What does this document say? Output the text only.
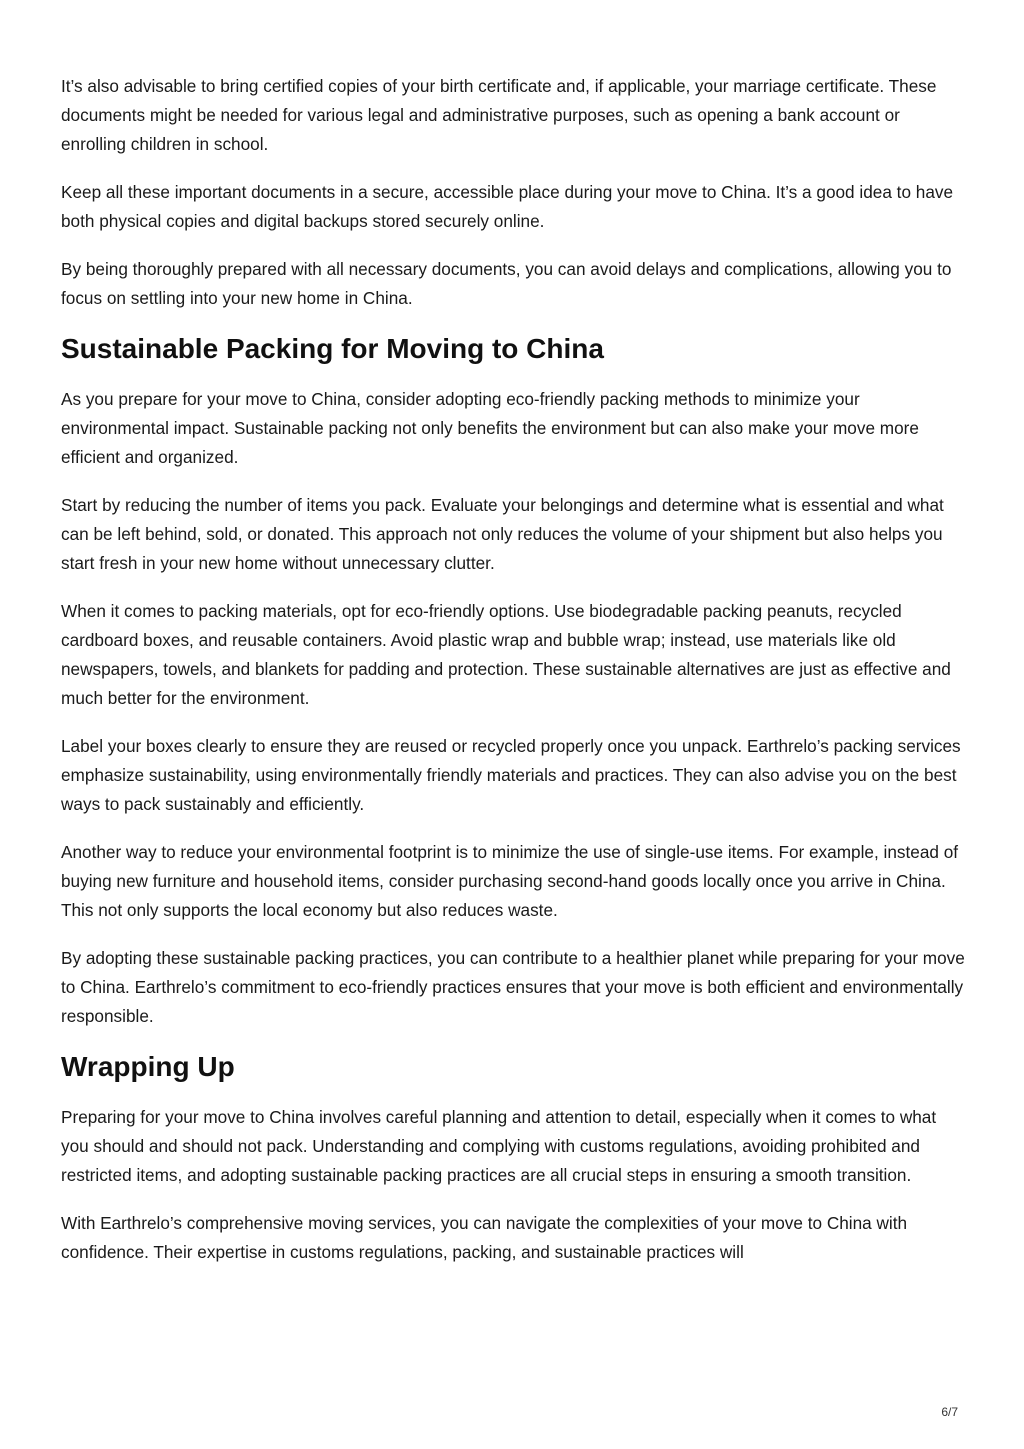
It’s also advisable to bring certified copies of your birth certificate and, if applicable, your marriage certificate. These documents might be needed for various legal and administrative purposes, such as opening a bank account or enrolling children in school.

Keep all these important documents in a secure, accessible place during your move to China. It’s a good idea to have both physical copies and digital backups stored securely online.

By being thoroughly prepared with all necessary documents, you can avoid delays and complications, allowing you to focus on settling into your new home in China.

Sustainable Packing for Moving to China

As you prepare for your move to China, consider adopting eco-friendly packing methods to minimize your environmental impact. Sustainable packing not only benefits the environment but can also make your move more efficient and organized.

Start by reducing the number of items you pack. Evaluate your belongings and determine what is essential and what can be left behind, sold, or donated. This approach not only reduces the volume of your shipment but also helps you start fresh in your new home without unnecessary clutter.

When it comes to packing materials, opt for eco-friendly options. Use biodegradable packing peanuts, recycled cardboard boxes, and reusable containers. Avoid plastic wrap and bubble wrap; instead, use materials like old newspapers, towels, and blankets for padding and protection. These sustainable alternatives are just as effective and much better for the environment.

Label your boxes clearly to ensure they are reused or recycled properly once you unpack. Earthrelo’s packing services emphasize sustainability, using environmentally friendly materials and practices. They can also advise you on the best ways to pack sustainably and efficiently.

Another way to reduce your environmental footprint is to minimize the use of single-use items. For example, instead of buying new furniture and household items, consider purchasing second-hand goods locally once you arrive in China. This not only supports the local economy but also reduces waste.

By adopting these sustainable packing practices, you can contribute to a healthier planet while preparing for your move to China. Earthrelo’s commitment to eco-friendly practices ensures that your move is both efficient and environmentally responsible.

Wrapping Up

Preparing for your move to China involves careful planning and attention to detail, especially when it comes to what you should and should not pack. Understanding and complying with customs regulations, avoiding prohibited and restricted items, and adopting sustainable packing practices are all crucial steps in ensuring a smooth transition.

With Earthrelo’s comprehensive moving services, you can navigate the complexities of your move to China with confidence. Their expertise in customs regulations, packing, and sustainable practices will

6/7
